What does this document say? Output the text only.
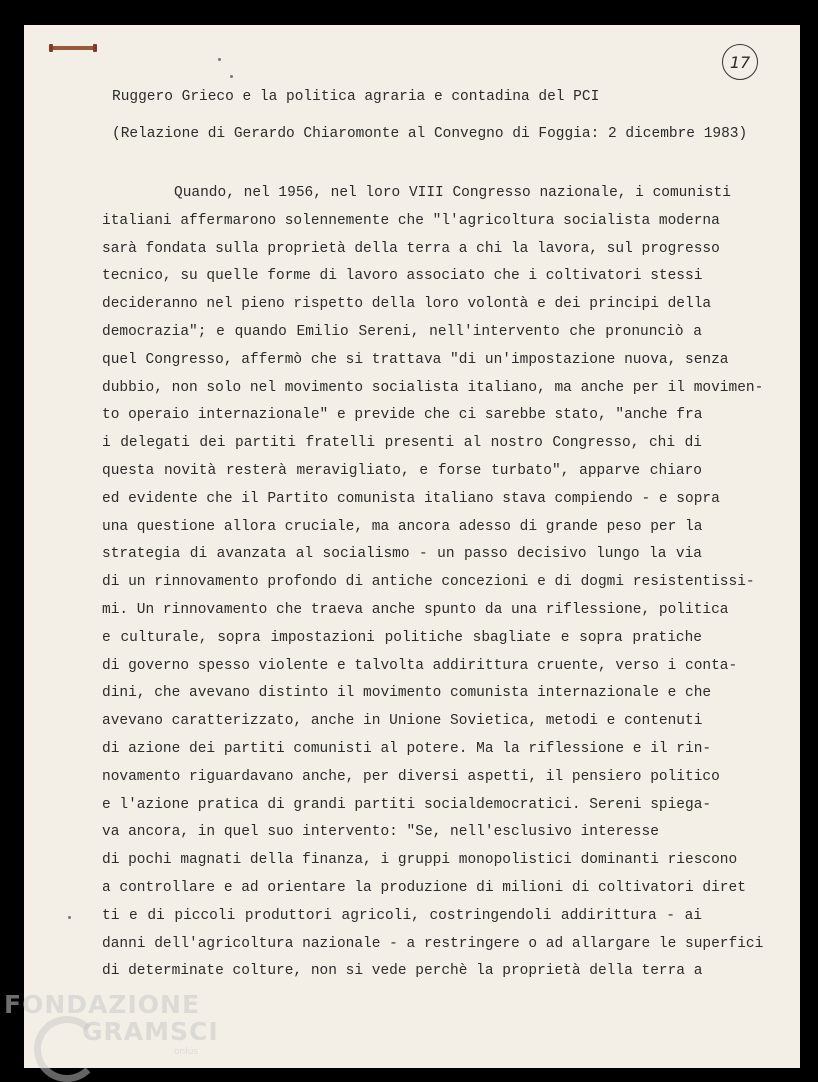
17
Ruggero Grieco e la politica agraria e contadina del PCI
(Relazione di Gerardo Chiaromonte al Convegno di Foggia: 2 dicembre 1983)
Quando, nel 1956, nel loro VIII Congresso nazionale, i comunisti
italiani affermarono solennemente che "l'agricoltura socialista moderna
sarà fondata sulla proprietà della terra a chi la lavora, sul progresso
tecnico, su quelle forme di lavoro associato che i coltivatori stessi
decideranno nel pieno rispetto della loro volontà e dei principi della
democrazia"; e quando Emilio Sereni, nell'intervento che pronunciò a
quel Congresso, affermò che si trattava "di un'impostazione nuova, senza
dubbio, non solo nel movimento socialista italiano, ma anche per il movimen-
to operaio internazionale" e previde che ci sarebbe stato, "anche fra
i delegati dei partiti fratelli presenti al nostro Congresso, chi di
questa novità resterà meravigliato, e forse turbato", apparve chiaro
ed evidente che il Partito comunista italiano stava compiendo - e sopra
una questione allora cruciale, ma ancora adesso di grande peso per la
strategia di avanzata al socialismo - un passo decisivo lungo la via
di un rinnovamento profondo di antiche concezioni e di dogmi resistentissi-
mi. Un rinnovamento che traeva anche spunto da una riflessione, politica
e culturale, sopra impostazioni politiche sbagliate e sopra pratiche
di governo spesso violente e talvolta addirittura cruente, verso i conta-
dini, che avevano distinto il movimento comunista internazionale e che
avevano caratterizzato, anche in Unione Sovietica, metodi e contenuti
di azione dei partiti comunisti al potere. Ma la riflessione e il rin-
novamento riguardavano anche, per diversi aspetti, il pensiero politico
e l'azione pratica di grandi partiti socialdemocratici. Sereni spiega-
va ancora, in quel suo intervento: "Se, nell'esclusivo interesse
di pochi magnati della finanza, i gruppi monopolistici dominanti riescono
a controllare e ad orientare la produzione di milioni di coltivatori diret
ti e di piccoli produttori agricoli, costringendoli addirittura - ai
danni dell'agricoltura nazionale - a restringere o ad allargare le superfici
di determinate colture, non si vede perchè la proprietà della terra a
FONDAZIONE
GRAMSCI
onlus
